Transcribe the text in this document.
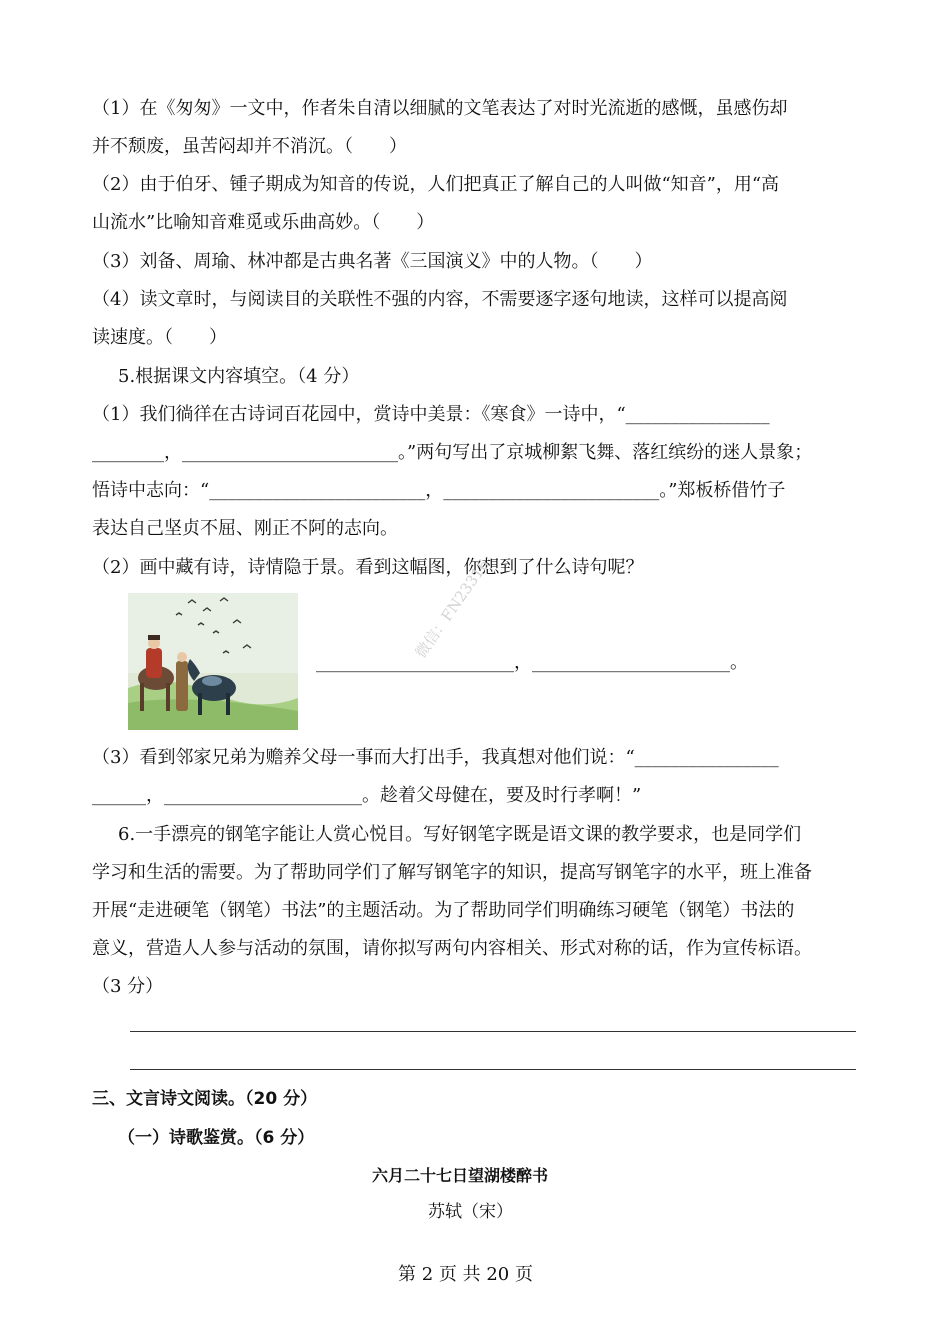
（1）在《匆匆》一文中，作者朱自清以细腻的文笔表达了对时光流逝的感慨，虽感伤却
并不颓废，虽苦闷却并不消沉。（　　）
（2）由于伯牙、锺子期成为知音的传说，人们把真正了解自己的人叫做“知音”，用“高
山流水”比喻知音难觅或乐曲高妙。（　　）
（3）刘备、周瑜、林冲都是古典名著《三国演义》中的人物。（　　）
（4）读文章时，与阅读目的关联性不强的内容，不需要逐字逐句地读，这样可以提高阅
读速度。（　　）
5.根据课文内容填空。（4 分）
（1）我们徜徉在古诗词百花园中，赏诗中美景：《寒食》一诗中，“________________
________，________________________。”两句写出了京城柳絮飞舞、落红缤纷的迷人景象；
悟诗中志向：“________________________，________________________。”郑板桥借竹子
表达自己坚贞不屈、刚正不阿的志向。
（2）画中藏有诗，诗情隐于景。看到这幅图，你想到了什么诗句呢？
______________________，______________________。
微信：FN23316
（3）看到邻家兄弟为赡养父母一事而大打出手，我真想对他们说：“________________
______，______________________。趁着父母健在，要及时行孝啊！”
6.一手漂亮的钢笔字能让人赏心悦目。写好钢笔字既是语文课的教学要求，也是同学们
学习和生活的需要。为了帮助同学们了解写钢笔字的知识，提高写钢笔字的水平，班上准备
开展“走进硬笔（钢笔）书法”的主题活动。为了帮助同学们明确练习硬笔（钢笔）书法的
意义，营造人人参与活动的氛围，请你拟写两句内容相关、形式对称的话，作为宣传标语。
（3 分）
三、文言诗文阅读。（20 分）
（一）诗歌鉴赏。（6 分）
六月二十七日望湖楼醉书
苏轼（宋）
第 2 页 共 20 页
